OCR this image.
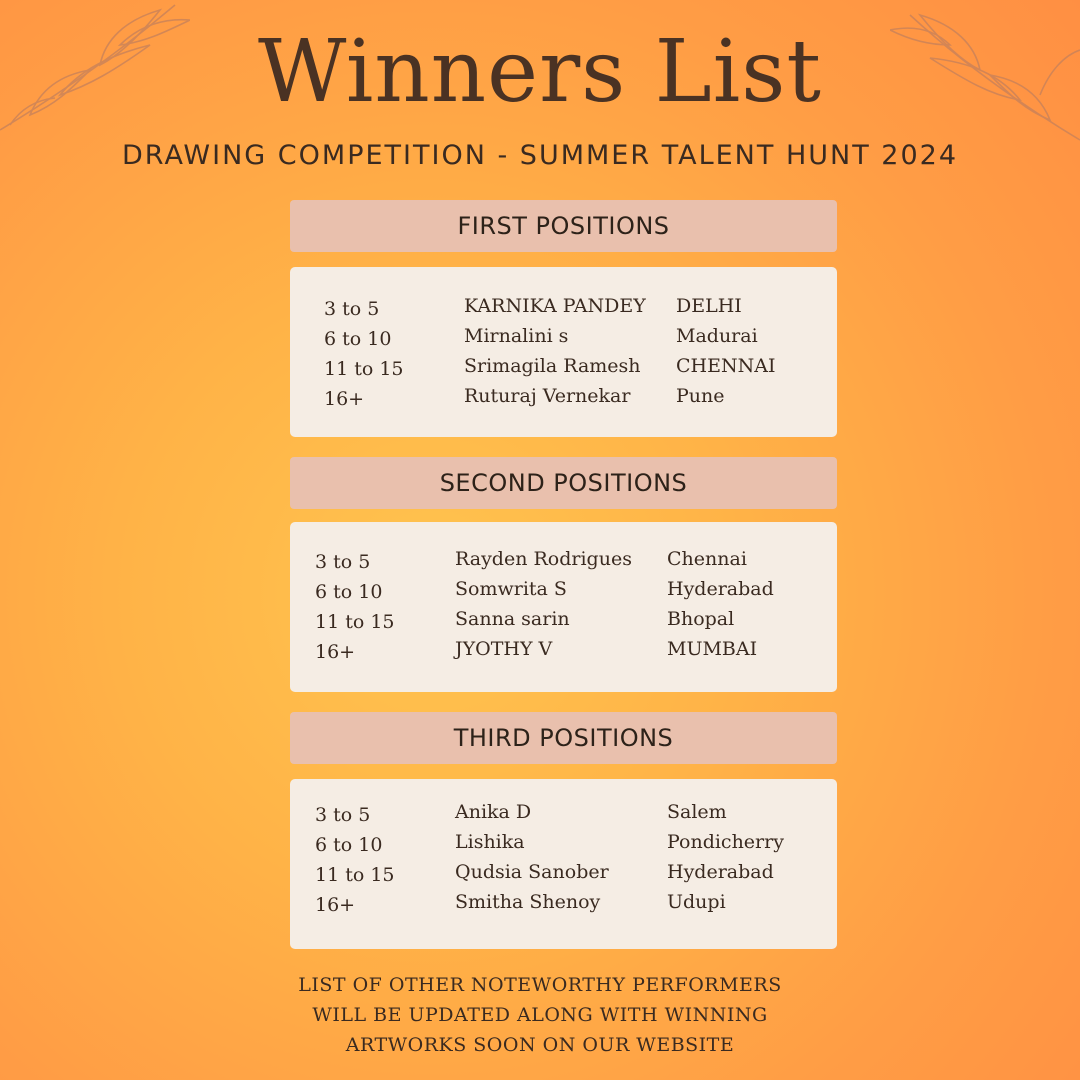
Winners List

DRAWING COMPETITION - SUMMER TALENT HUNT 2024

FIRST POSITIONS
3 to 5	KARNIKA PANDEY	DELHI
6 to 10	Mirnalini s	Madurai
11 to 15	Srimagila Ramesh	CHENNAI
16+	Ruturaj Vernekar	Pune
SECOND POSITIONS
3 to 5	Rayden Rodrigues	Chennai
6 to 10	Somwrita S	Hyderabad
11 to 15	Sanna sarin	Bhopal
16+	JYOTHY V	MUMBAI
THIRD POSITIONS
3 to 5	Anika D	Salem
6 to 10	Lishika	Pondicherry
11 to 15	Qudsia Sanober	Hyderabad
16+	Smitha Shenoy	Udupi
LIST OF OTHER NOTEWORTHY PERFORMERS
WILL BE UPDATED ALONG WITH WINNING
ARTWORKS SOON ON OUR WEBSITE
